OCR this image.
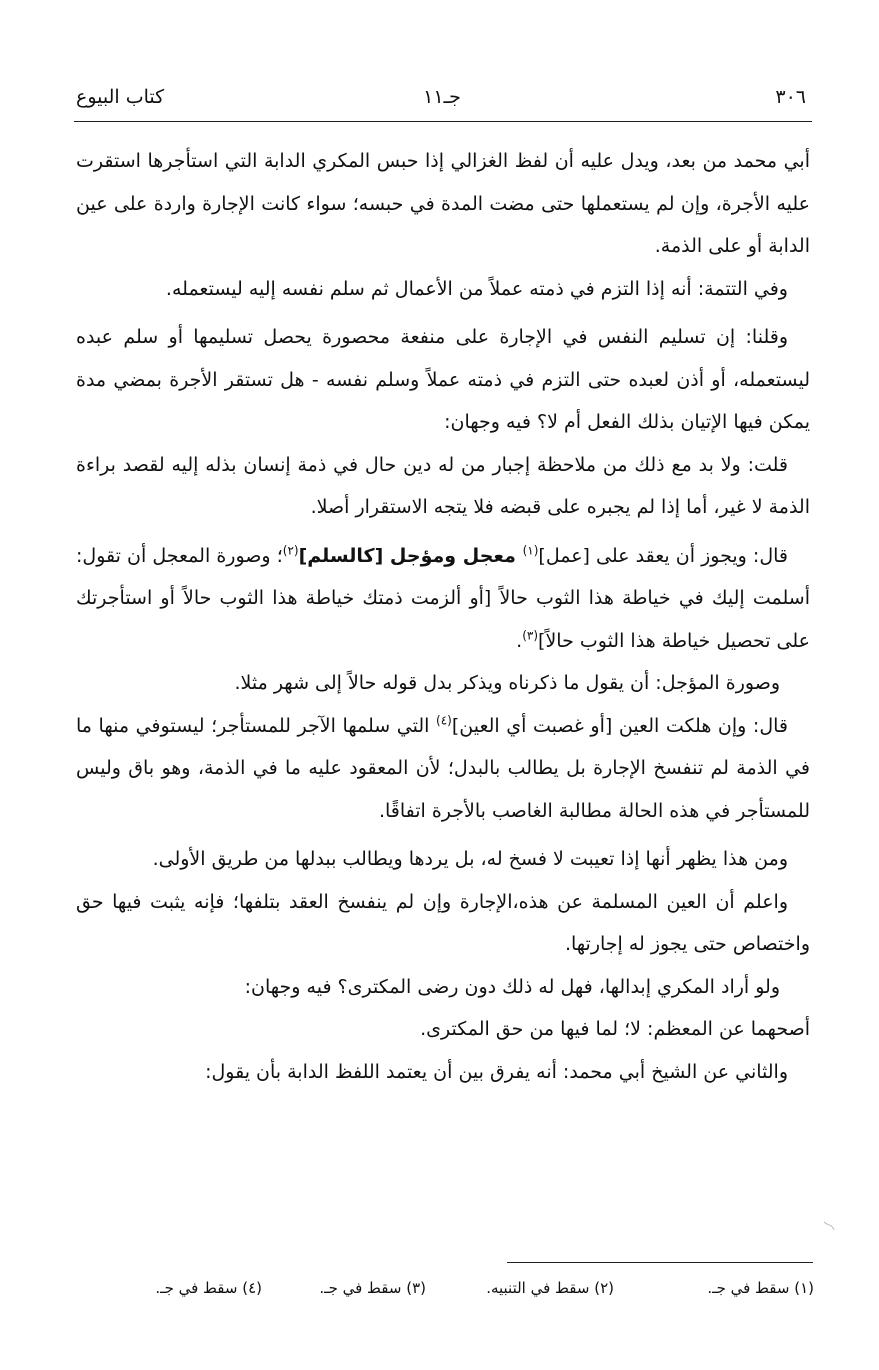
٣٠٦
جـ١١
كتاب البيوع

أبي محمد من بعد، ويدل عليه أن لفظ الغزالي إذا حبس المكري الدابة التي استأجرها استقرت عليه الأجرة، وإن لم يستعملها حتى مضت المدة في حبسه؛ سواء كانت الإجارة واردة على عين الدابة أو على الذمة.

وفي التتمة: أنه إذا التزم في ذمته عملاً من الأعمال ثم سلم نفسه إليه ليستعمله.

وقلنا: إن تسليم النفس في الإجارة على منفعة محصورة يحصل تسليمها أو سلم عبده ليستعمله، أو أذن لعبده حتى التزم في ذمته عملاً وسلم نفسه - هل تستقر الأجرة بمضي مدة يمكن فيها الإتيان بذلك الفعل أم لا؟ فيه وجهان:

قلت: ولا بد مع ذلك من ملاحظة إجبار من له دين حال في ذمة إنسان بذله إليه لقصد براءة الذمة لا غير، أما إذا لم يجبره على قبضه فلا يتجه الاستقرار أصلا.

قال: ويجوز أن يعقد على [عمل]$^{(١)}$ معجل ومؤجل [كالسلم]$^{(٢)}$؛ وصورة المعجل أن تقول: أسلمت إليك في خياطة هذا الثوب حالاً [أو ألزمت ذمتك خياطة هذا الثوب حالاً أو استأجرتك على تحصيل خياطة هذا الثوب حالاً]$^{(٣)}$.

وصورة المؤجل: أن يقول ما ذكرناه ويذكر بدل قوله حالاً إلى شهر مثلا.

قال: وإن هلكت العين [أو غصبت أي العين]$^{(٤)}$ التي سلمها الآجر للمستأجر؛ ليستوفي منها ما في الذمة لم تنفسخ الإجارة بل يطالب بالبدل؛ لأن المعقود عليه ما في الذمة، وهو باق وليس للمستأجر في هذه الحالة مطالبة الغاصب بالأجرة اتفاقًا.

ومن هذا يظهر أنها إذا تعيبت لا فسخ له، بل يردها ويطالب ببدلها من طريق الأولى.

واعلم أن العين المسلمة عن هذه،الإجارة وإن لم ينفسخ العقد بتلفها؛ فإنه يثبت فيها حق واختصاص حتى يجوز له إجارتها.

ولو أراد المكري إبدالها، فهل له ذلك دون رضى المكترى؟ فيه وجهان:

أصحهما عن المعظم: لا؛ لما فيها من حق المكترى.

والثاني عن الشيخ أبي محمد: أنه يفرق بين أن يعتمد اللفظ الدابة بأن يقول:

(١) سقط في جـ.
(٢) سقط في التنبيه.
(٣) سقط في جـ.
(٤) سقط في جـ.
